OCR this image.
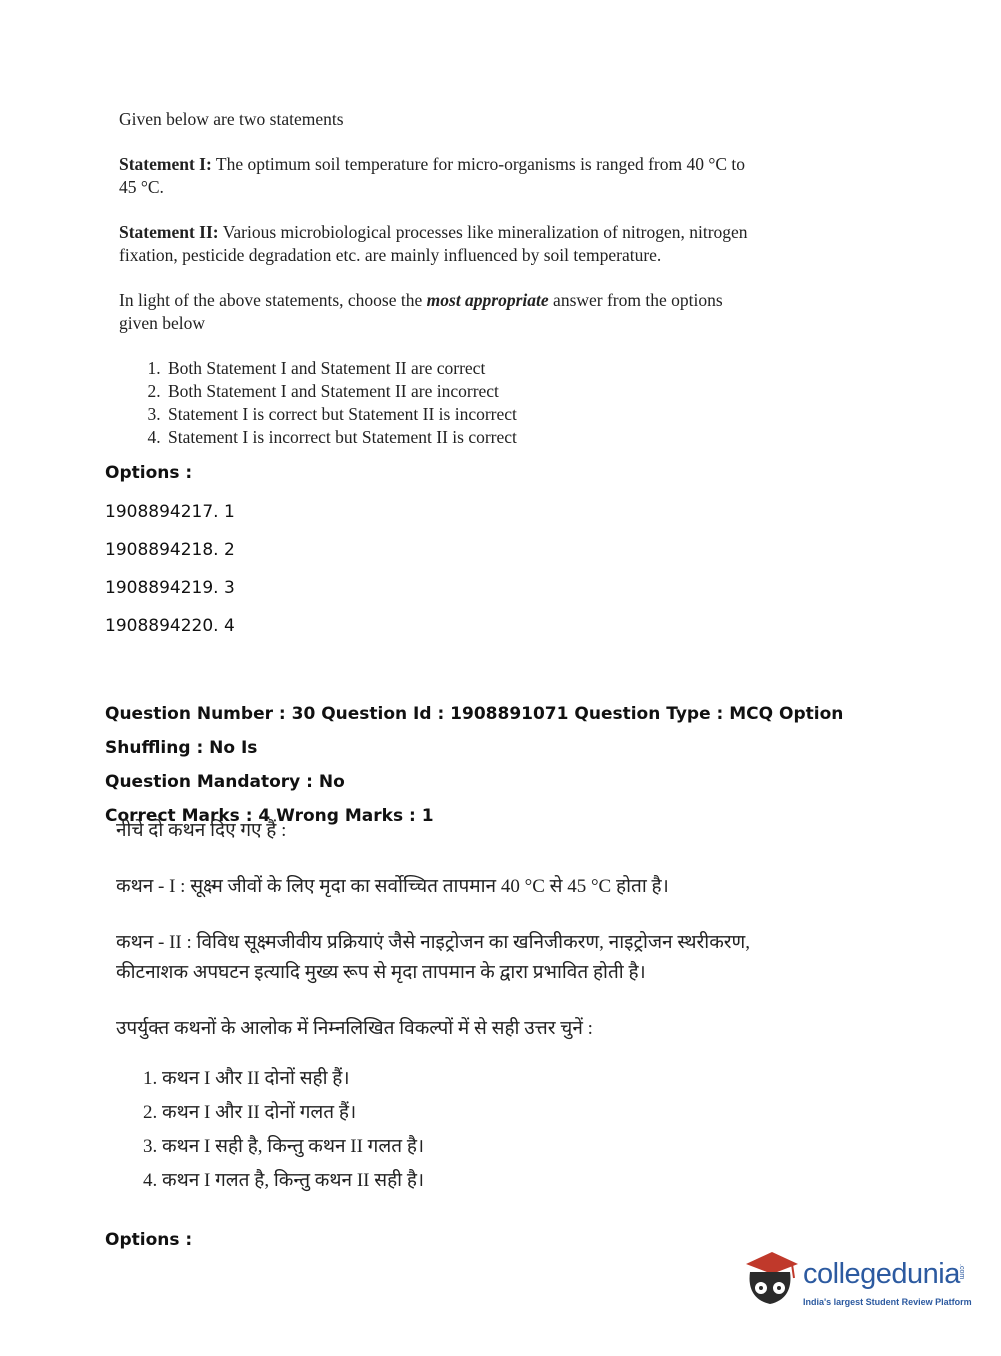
Given below are two statements

Statement I: The optimum soil temperature for micro-organisms is ranged from 40 °C to 45 °C.

Statement II: Various microbiological processes like mineralization of nitrogen, nitrogen fixation, pesticide degradation etc. are mainly influenced by soil temperature.

In light of the above statements, choose the most appropriate answer from the options given below

1. Both Statement I and Statement II are correct
2. Both Statement I and Statement II are incorrect
3. Statement I is correct but Statement II is incorrect
4. Statement I is incorrect but Statement II is correct
Options :
1908894217. 1
1908894218. 2
1908894219. 3
1908894220. 4
Question Number : 30 Question Id : 1908891071 Question Type : MCQ Option Shuffling : No Is
Question Mandatory : No
Correct Marks : 4 Wrong Marks : 1

नीचे दो कथन दिए गए हैं :

कथन - I : सूक्ष्म जीवों के लिए मृदा का सर्वोच्चित तापमान 40 °C से 45 °C होता है।

कथन - II : विविध सूक्ष्मजीवीय प्रक्रियाएं जैसे नाइट्रोजन का खनिजीकरण, नाइट्रोजन स्थरीकरण, कीटनाशक अपघटन इत्यादि मुख्य रूप से मृदा तापमान के द्वारा प्रभावित होती है।

उपर्युक्त कथनों के आलोक में निम्नलिखित विकल्पों में से सही उत्तर चुनें :

1. कथन I और II दोनों सही हैं।
2. कथन I और II दोनों गलत हैं।
3. कथन I सही है, किन्तु कथन II गलत है।
4. कथन I गलत है, किन्तु कथन II सही है।
Options :
collegedunia
.com
India's largest Student Review Platform
